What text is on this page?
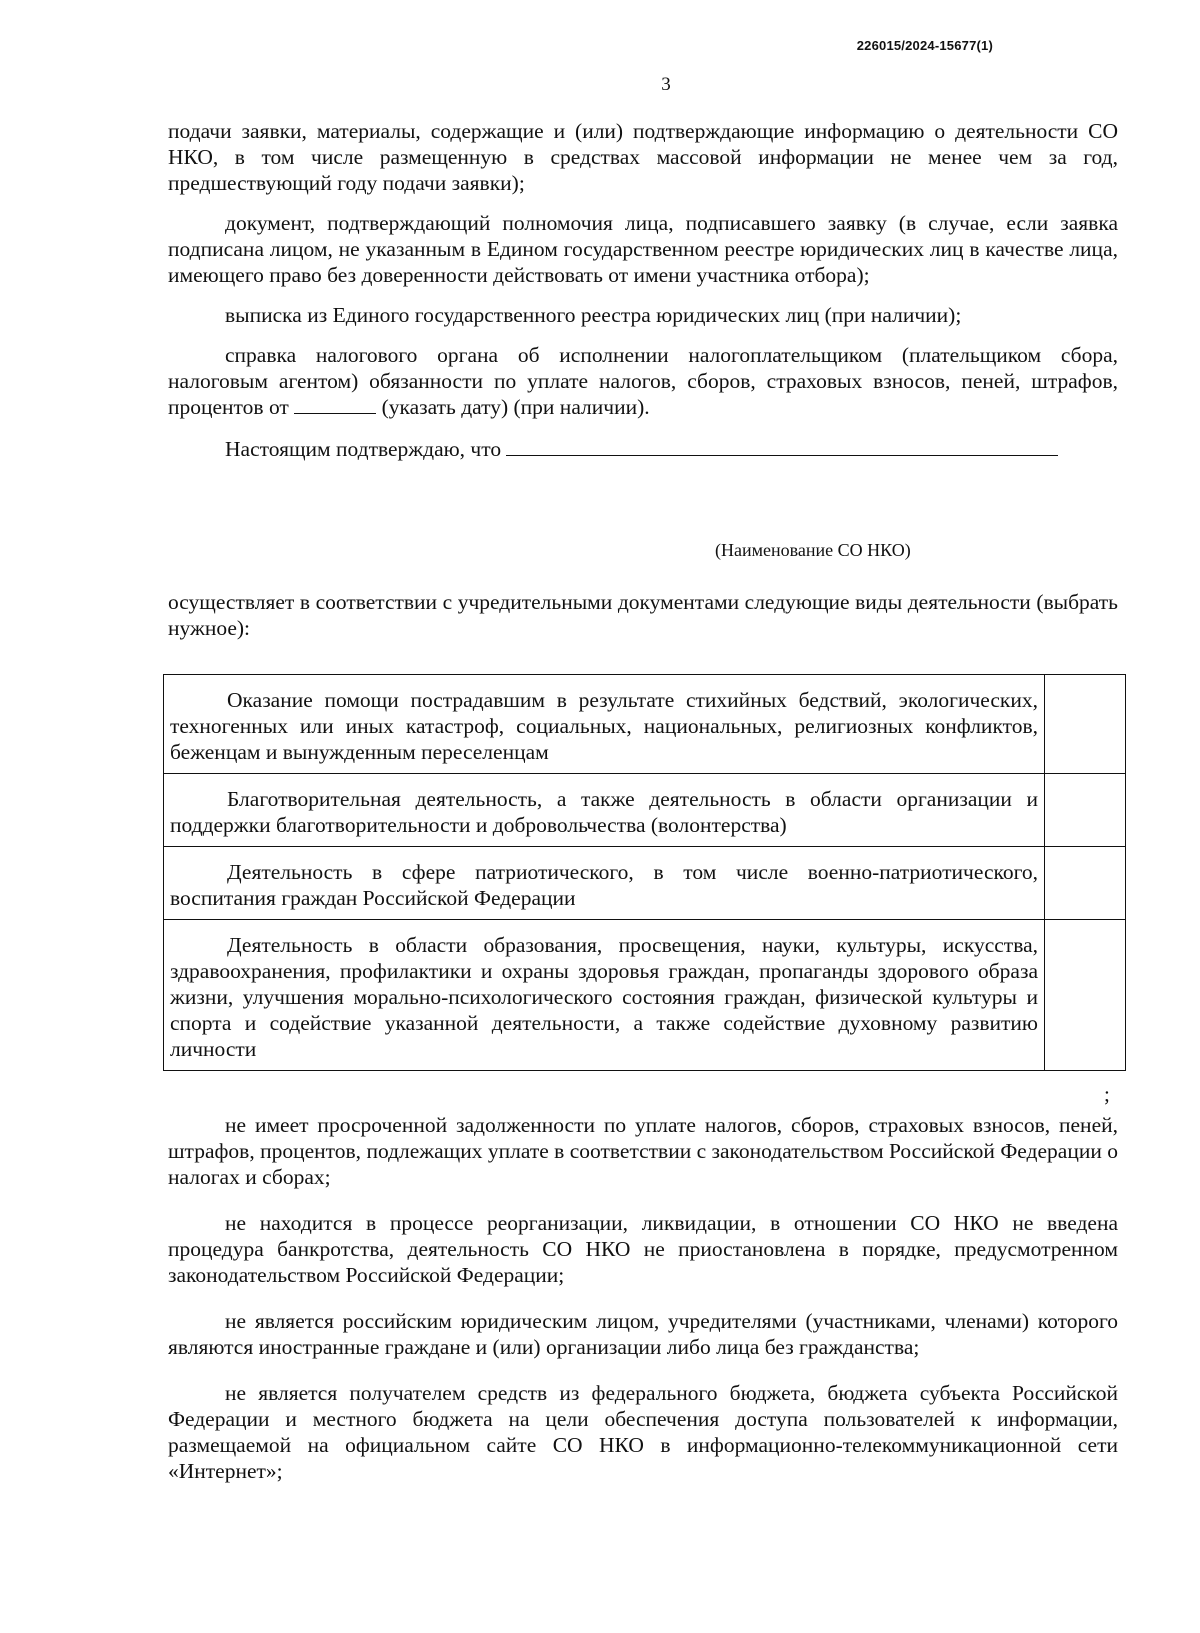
226015/2024-15677(1)
3

подачи заявки, материалы, содержащие и (или) подтверждающие информацию о деятельности СО НКО, в том числе размещенную в средствах массовой информации не менее чем за год, предшествующий году подачи заявки);

документ, подтверждающий полномочия лица, подписавшего заявку (в случае, если заявка подписана лицом, не указанным в Едином государственном реестре юридических лиц в качестве лица, имеющего право без доверенности действовать от имени участника отбора);

выписка из Единого государственного реестра юридических лиц (при наличии);

справка налогового органа об исполнении налогоплательщиком (плательщиком сбора, налоговым агентом) обязанности по уплате налогов, сборов, страховых взносов, пеней, штрафов, процентов от	(указать дату) (при наличии).

Настоящим подтверждаю, что

(Наименование СО НКО)

осуществляет в соответствии с учредительными документами следующие виды деятельности (выбрать нужное):

Оказание помощи пострадавшим в результате стихийных бедствий, экологических, техногенных или иных катастроф, социальных, национальных, религиозных конфликтов, беженцам и вынужденным переселенцам	
Благотворительная деятельность, а также деятельность в области организации и поддержки благотворительности и добровольчества (волонтерства)	
Деятельность в сфере патриотического, в том числе военно-патриотического, воспитания граждан Российской Федерации	
Деятельность в области образования, просвещения, науки, культуры, искусства, здравоохранения, профилактики и охраны здоровья граждан, пропаганды здорового образа жизни, улучшения морально-психологического состояния граждан, физической культуры и спорта и содействие указанной деятельности, а также содействие духовному развитию личности	
;

не имеет просроченной задолженности по уплате налогов, сборов, страховых взносов, пеней, штрафов, процентов, подлежащих уплате в соответствии с законодательством Российской Федерации о налогах и сборах;

не находится в процессе реорганизации, ликвидации, в отношении СО НКО не введена процедура банкротства, деятельность СО НКО не приостановлена в порядке, предусмотренном законодательством Российской Федерации;

не является российским юридическим лицом, учредителями (участниками, членами) которого являются иностранные граждане и (или) организации либо лица без гражданства;

не является получателем средств из федерального бюджета, бюджета субъекта Российской Федерации и местного бюджета на цели обеспечения доступа пользователей к информации, размещаемой на официальном сайте СО НКО в информационно-телекоммуникационной сети «Интернет»;
